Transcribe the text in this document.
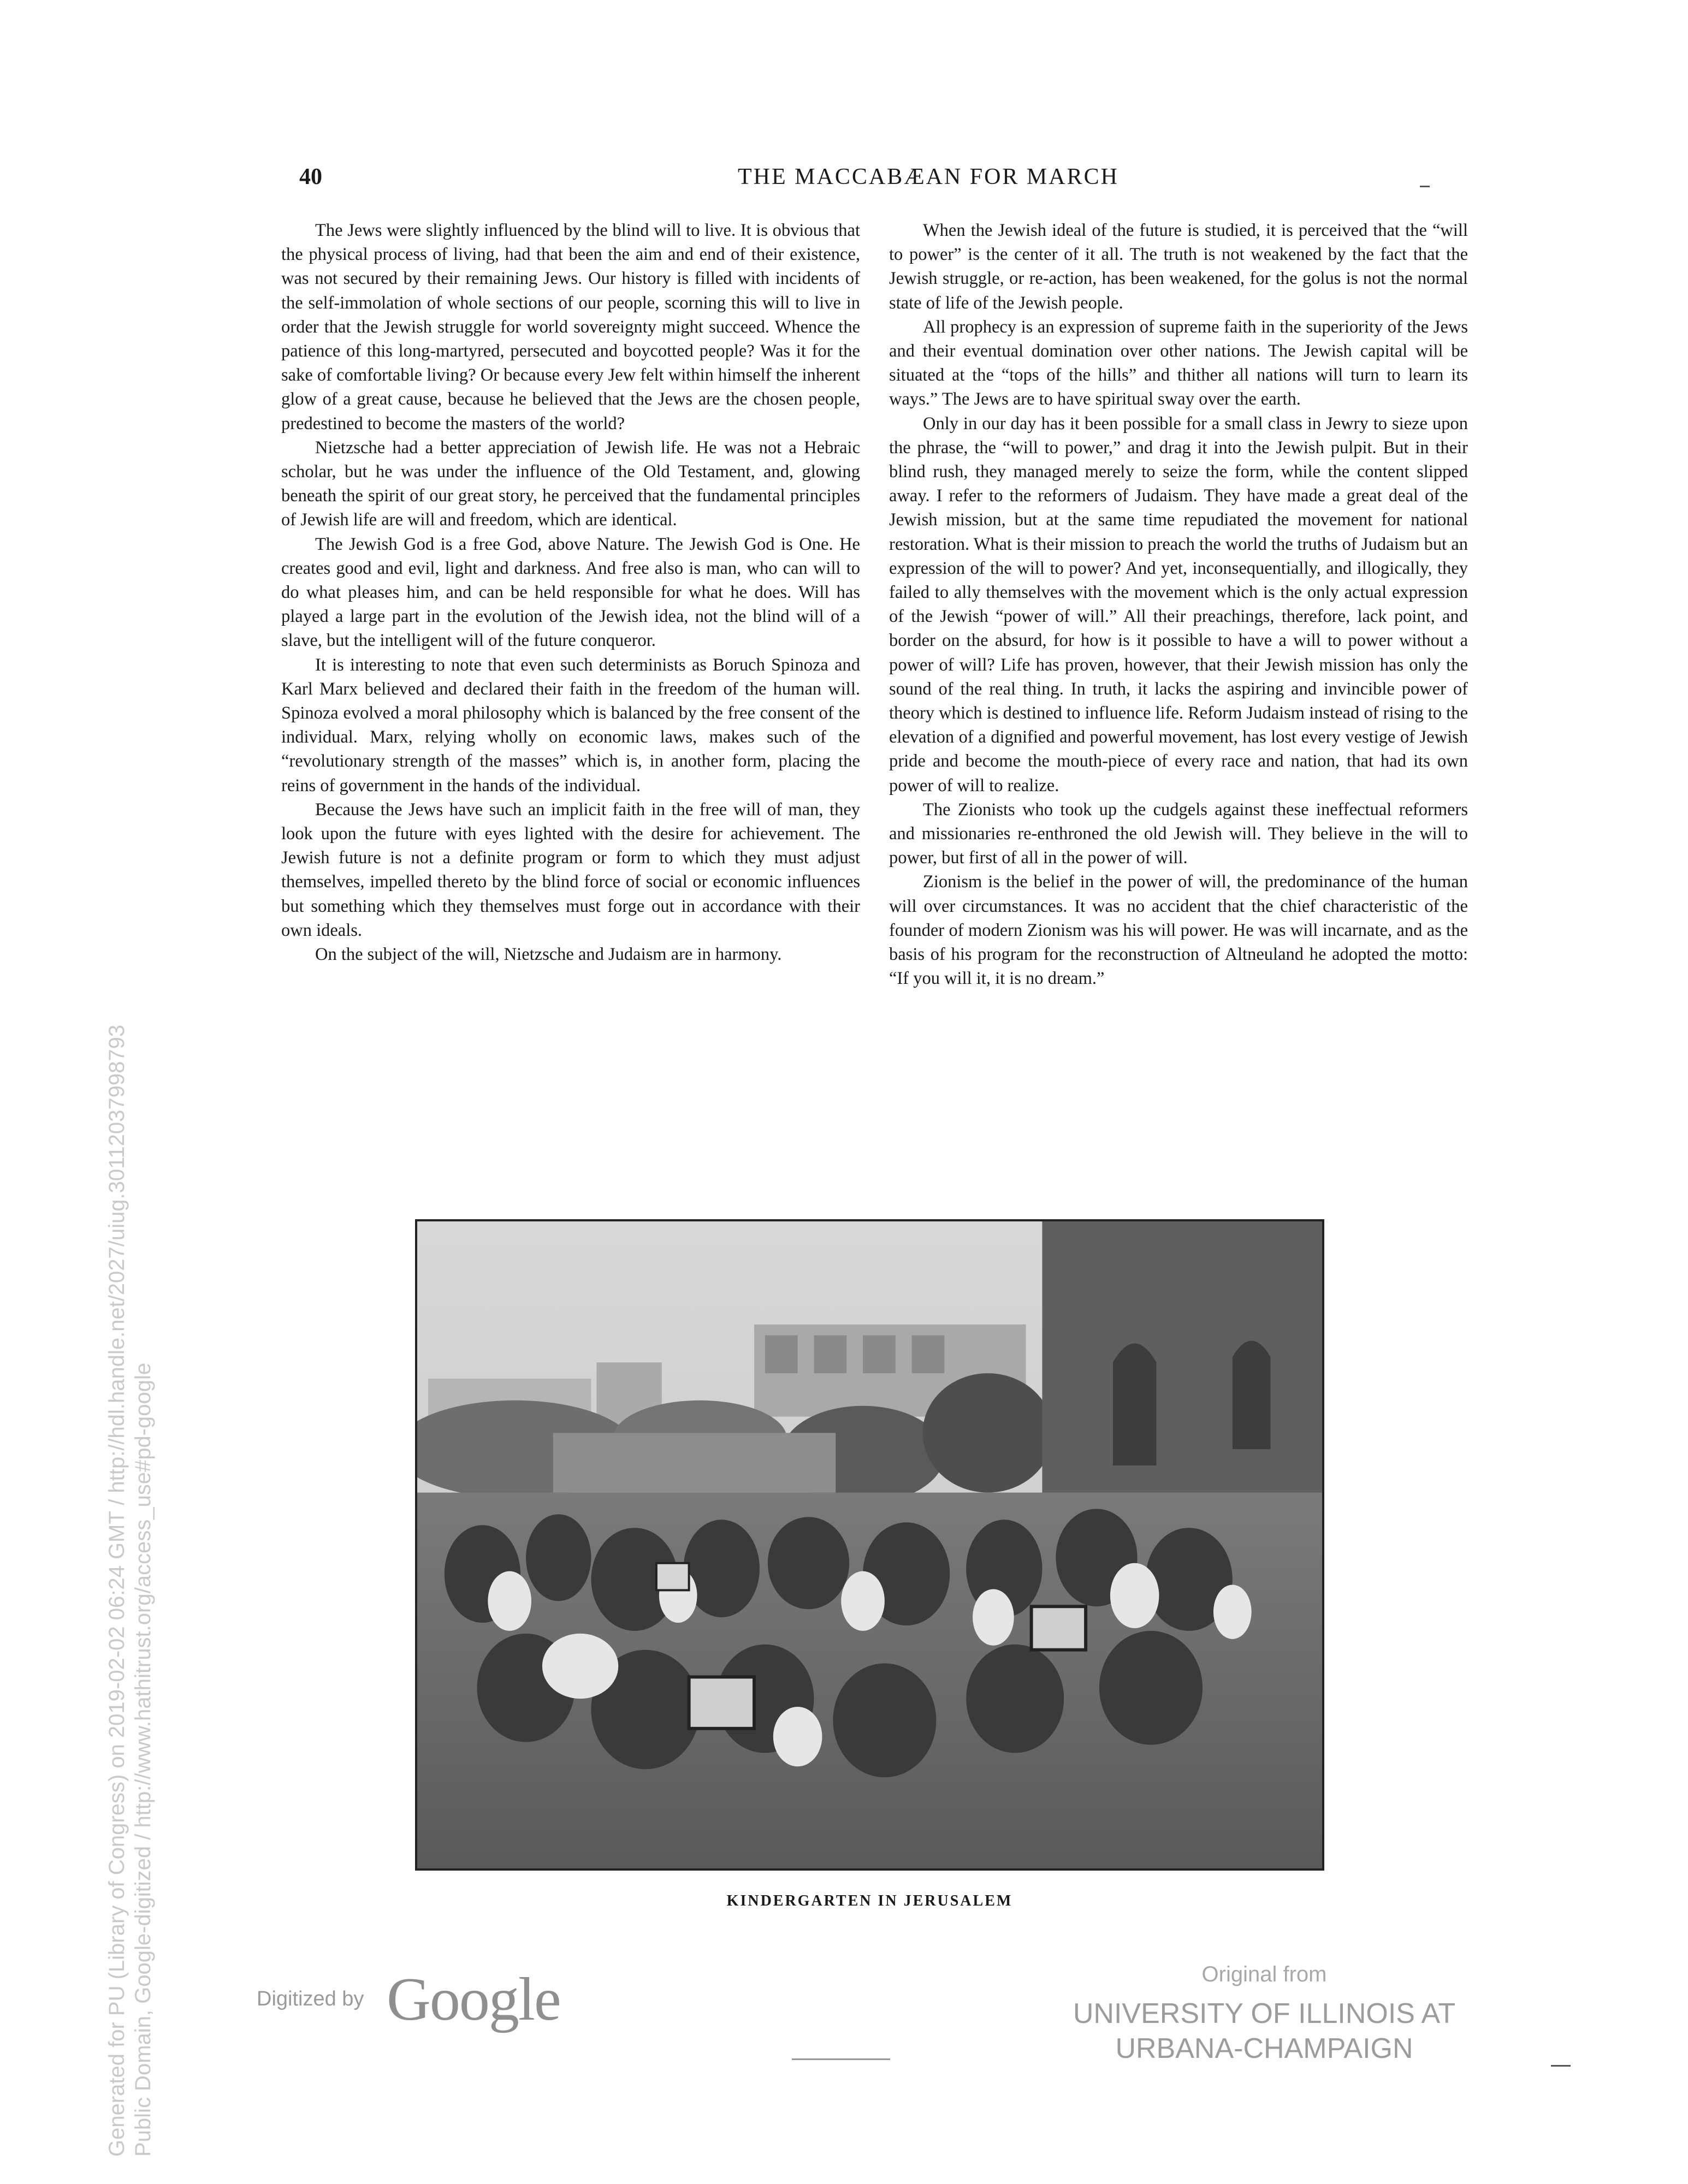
40	THE MACCABÆAN FOR MARCH

The Jews were slightly influenced by the blind will to live. It is obvious that the physical process of living, had that been the aim and end of their existence, was not secured by their remaining Jews. Our history is filled with incidents of the self-immolation of whole sections of our people, scorning this will to live in order that the Jewish struggle for world sovereignty might succeed. Whence the patience of this long-martyred, persecuted and boycotted people? Was it for the sake of comfortable living? Or because every Jew felt within himself the inherent glow of a great cause, because he believed that the Jews are the chosen people, predestined to become the masters of the world?

Nietzsche had a better appreciation of Jewish life. He was not a Hebraic scholar, but he was under the influence of the Old Testament, and, glowing beneath the spirit of our great story, he perceived that the fundamental principles of Jewish life are will and freedom, which are identical.

The Jewish God is a free God, above Nature. The Jewish God is One. He creates good and evil, light and darkness. And free also is man, who can will to do what pleases him, and can be held responsible for what he does. Will has played a large part in the evolution of the Jewish idea, not the blind will of a slave, but the intelligent will of the future conqueror.

It is interesting to note that even such determinists as Boruch Spinoza and Karl Marx believed and declared their faith in the freedom of the human will. Spinoza evolved a moral philosophy which is balanced by the free consent of the individual. Marx, relying wholly on economic laws, makes such of the “revolutionary strength of the masses” which is, in another form, placing the reins of government in the hands of the individual.

Because the Jews have such an implicit faith in the free will of man, they look upon the future with eyes lighted with the desire for achievement. The Jewish future is not a definite program or form to which they must adjust themselves, impelled thereto by the blind force of social or economic influences but something which they themselves must forge out in accordance with their own ideals.

On the subject of the will, Nietzsche and Judaism are in harmony.

When the Jewish ideal of the future is studied, it is perceived that the “will to power” is the center of it all. The truth is not weakened by the fact that the Jewish struggle, or re-action, has been weakened, for the golus is not the normal state of life of the Jewish people.

All prophecy is an expression of supreme faith in the superiority of the Jews and their eventual domination over other nations. The Jewish capital will be situated at the “tops of the hills” and thither all nations will turn to learn its ways.” The Jews are to have spiritual sway over the earth.

Only in our day has it been possible for a small class in Jewry to sieze upon the phrase, the “will to power,” and drag it into the Jewish pulpit. But in their blind rush, they managed merely to seize the form, while the content slipped away. I refer to the reformers of Judaism. They have made a great deal of the Jewish mission, but at the same time repudiated the movement for national restoration. What is their mission to preach the world the truths of Judaism but an expression of the will to power? And yet, inconsequentially, and illogically, they failed to ally themselves with the movement which is the only actual expression of the Jewish “power of will.” All their preachings, therefore, lack point, and border on the absurd, for how is it possible to have a will to power without a power of will? Life has proven, however, that their Jewish mission has only the sound of the real thing. In truth, it lacks the aspiring and invincible power of theory which is destined to influence life. Reform Judaism instead of rising to the elevation of a dignified and powerful movement, has lost every vestige of Jewish pride and become the mouth-piece of every race and nation, that had its own power of will to realize.

The Zionists who took up the cudgels against these ineffectual reformers and missionaries re-enthroned the old Jewish will. They believe in the will to power, but first of all in the power of will.

Zionism is the belief in the power of will, the predominance of the human will over circumstances. It was no accident that the chief characteristic of the founder of modern Zionism was his will power. He was will incarnate, and as the basis of his program for the reconstruction of Altneuland he adopted the motto: “If you will it, it is no dream.”

KINDERGARTEN IN JERUSALEM
Digitized by Google	Original from
UNIVERSITY OF ILLINOIS AT
URBANA-CHAMPAIGN
Generated for PU (Library of Congress) on 2019-02-02 06:24 GMT / http://hdl.handle.net/2027/uiug.30112037998793 Public Domain, Google-digitized / http://www.hathitrust.org/access_use#pd-google
